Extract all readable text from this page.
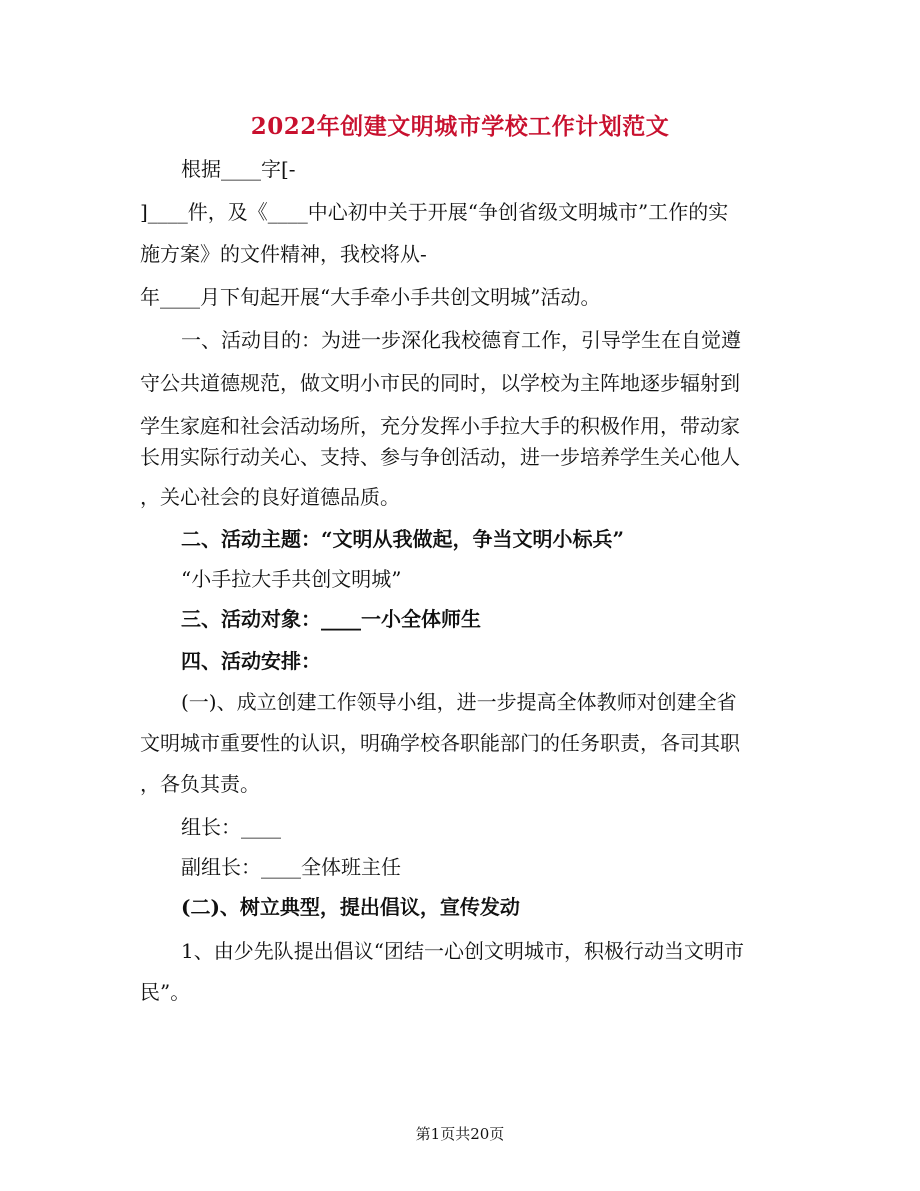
2022年创建文明城市学校工作计划范文

根据____字[-

]____件，及《____中心初中关于开展“争创省级文明城市”工作的实

施方案》的文件精神，我校将从-

年____月下旬起开展“大手牵小手共创文明城”活动。

一、活动目的：为进一步深化我校德育工作，引导学生在自觉遵

守公共道德规范，做文明小市民的同时，以学校为主阵地逐步辐射到

学生家庭和社会活动场所，充分发挥小手拉大手的积极作用，带动家

长用实际行动关心、支持、参与争创活动，进一步培养学生关心他人

，关心社会的良好道德品质。

二、活动主题：“文明从我做起，争当文明小标兵”

“小手拉大手共创文明城”

三、活动对象：____一小全体师生

四、活动安排：

(一)、成立创建工作领导小组，进一步提高全体教师对创建全省

文明城市重要性的认识，明确学校各职能部门的任务职责，各司其职

，各负其责。

组长：____

副组长：____全体班主任

(二)、树立典型，提出倡议，宣传发动

1、由少先队提出倡议“团结一心创文明城市，积极行动当文明市

民”。

第1页共20页
